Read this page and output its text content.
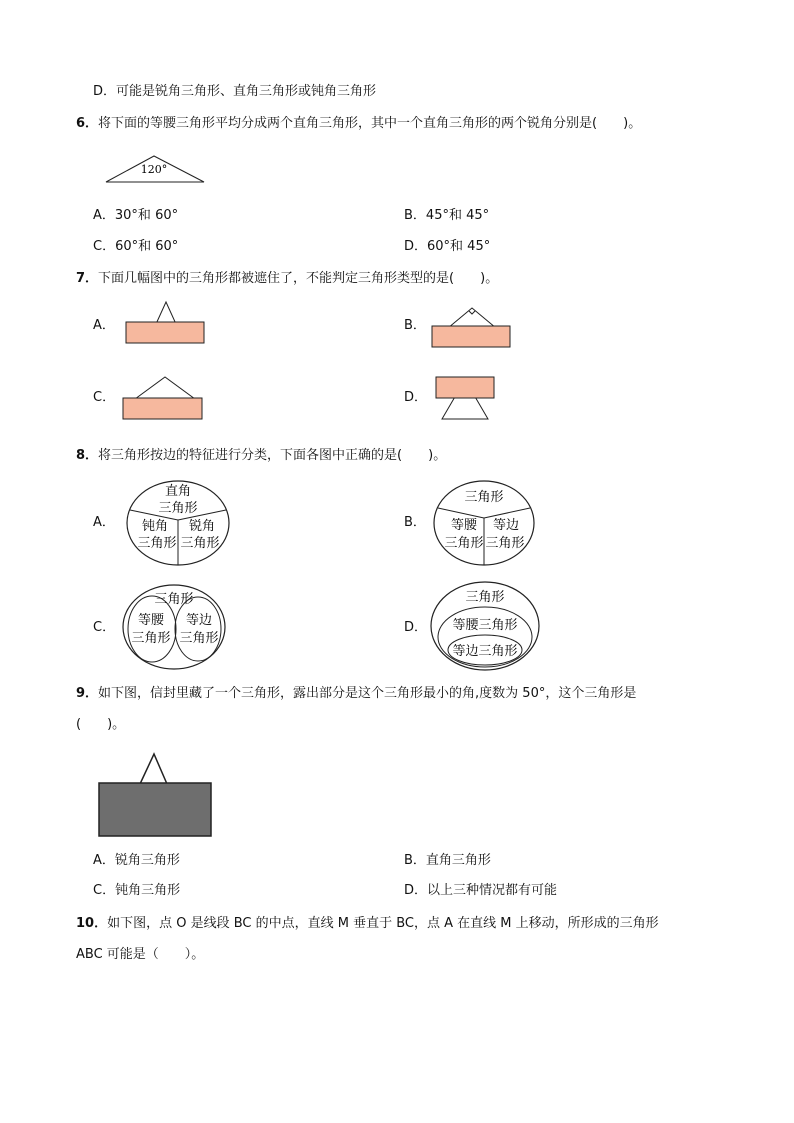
D．可能是锐角三角形、直角三角形或钝角三角形
6．将下面的等腰三角形平均分成两个直角三角形，其中一个直角三角形的两个锐角分别是(　　)。
120°
A．30°和 60°	B．45°和 45°
C．60°和 60°	D．60°和 45°
7．下面几幅图中的三角形都被遮住了，不能判定三角形类型的是(　　)。
A．	B．
C．	D．
8．将三角形按边的特征进行分类，下面各图中正确的是(　　)。
A．
直角
三角形
钝角
三角形
锐角
三角形
B．
三角形
等腰
三角形
等边
三角形
C．
三角形
等腰
三角形
等边
三角形
D．
三角形
等腰三角形
等边三角形
9．如下图，信封里藏了一个三角形，露出部分是这个三角形最小的角,度数为 50°，这个三角形是
(　　)。
A．锐角三角形	B．直角三角形
C．钝角三角形	D．以上三种情况都有可能
10．如下图，点 O 是线段 BC 的中点，直线 M 垂直于 BC，点 A 在直线 M 上移动，所形成的三角形
ABC 可能是（　　）。
